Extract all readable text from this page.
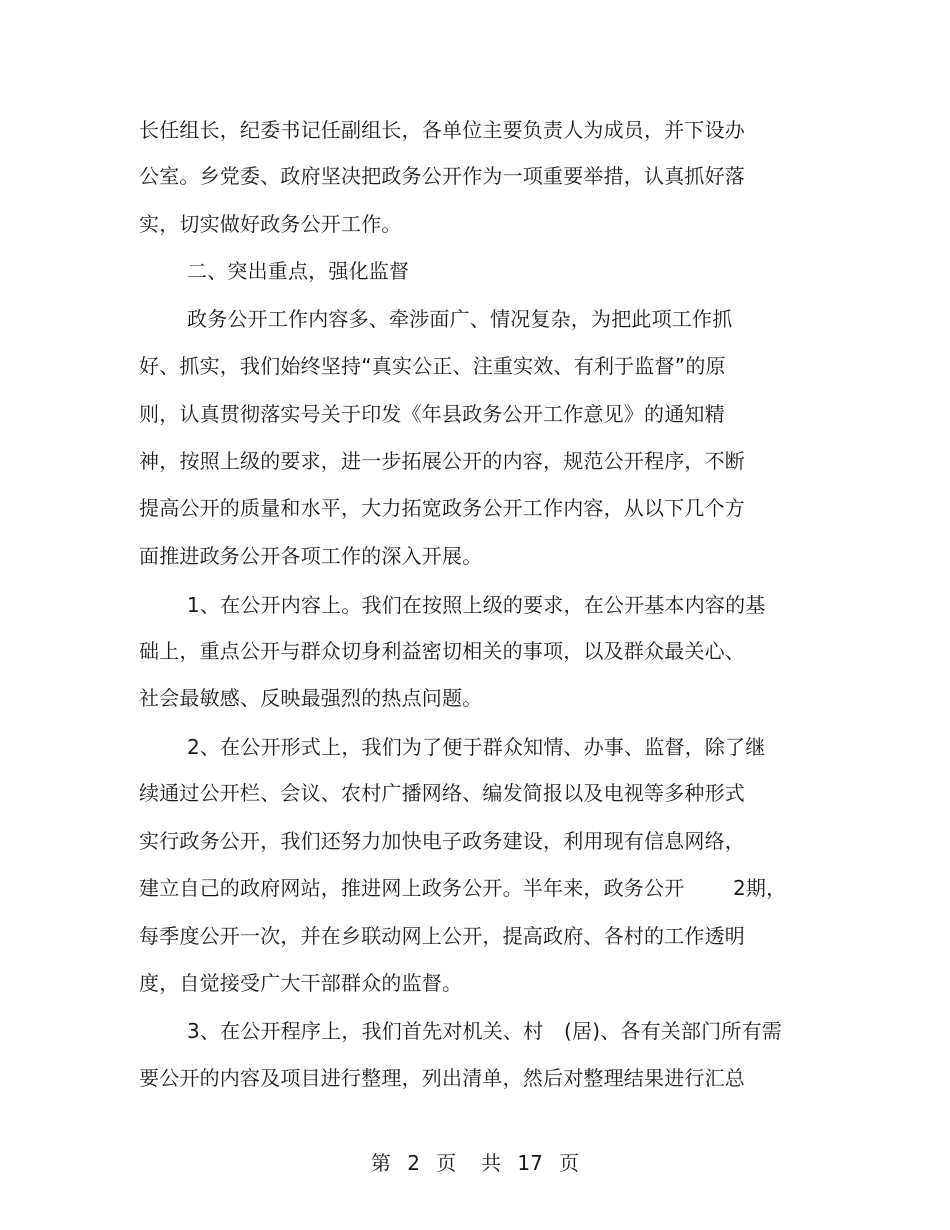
长任组长，纪委书记任副组长，各单位主要负责人为成员，并下设办
公室。乡党委、政府坚决把政务公开作为一项重要举措，认真抓好落
实，切实做好政务公开工作。
二、突出重点，强化监督
政务公开工作内容多、牵涉面广、情况复杂，为把此项工作抓
好、抓实，我们始终坚持“真实公正、注重实效、有利于监督”的原
则，认真贯彻落实号关于印发《年县政务公开工作意见》的通知精
神，按照上级的要求，进一步拓展公开的内容，规范公开程序，不断
提高公开的质量和水平，大力拓宽政务公开工作内容，从以下几个方
面推进政务公开各项工作的深入开展。
1、在公开内容上。我们在按照上级的要求，在公开基本内容的基
础上，重点公开与群众切身利益密切相关的事项，以及群众最关心、
社会最敏感、反映最强烈的热点问题。
2、在公开形式上，我们为了便于群众知情、办事、监督，除了继
续通过公开栏、会议、农村广播网络、编发简报以及电视等多种形式
实行政务公开，我们还努力加快电子政务建设，利用现有信息网络，
建立自己的政府网站，推进网上政务公开。半年来，政务公开 2期，
每季度公开一次，并在乡联动网上公开，提高政府、各村的工作透明
度，自觉接受广大干部群众的监督。
3、在公开程序上，我们首先对机关、村 (居)、各有关部门所有需
要公开的内容及项目进行整理，列出清单，然后对整理结果进行汇总
第 2 页 共 17 页
